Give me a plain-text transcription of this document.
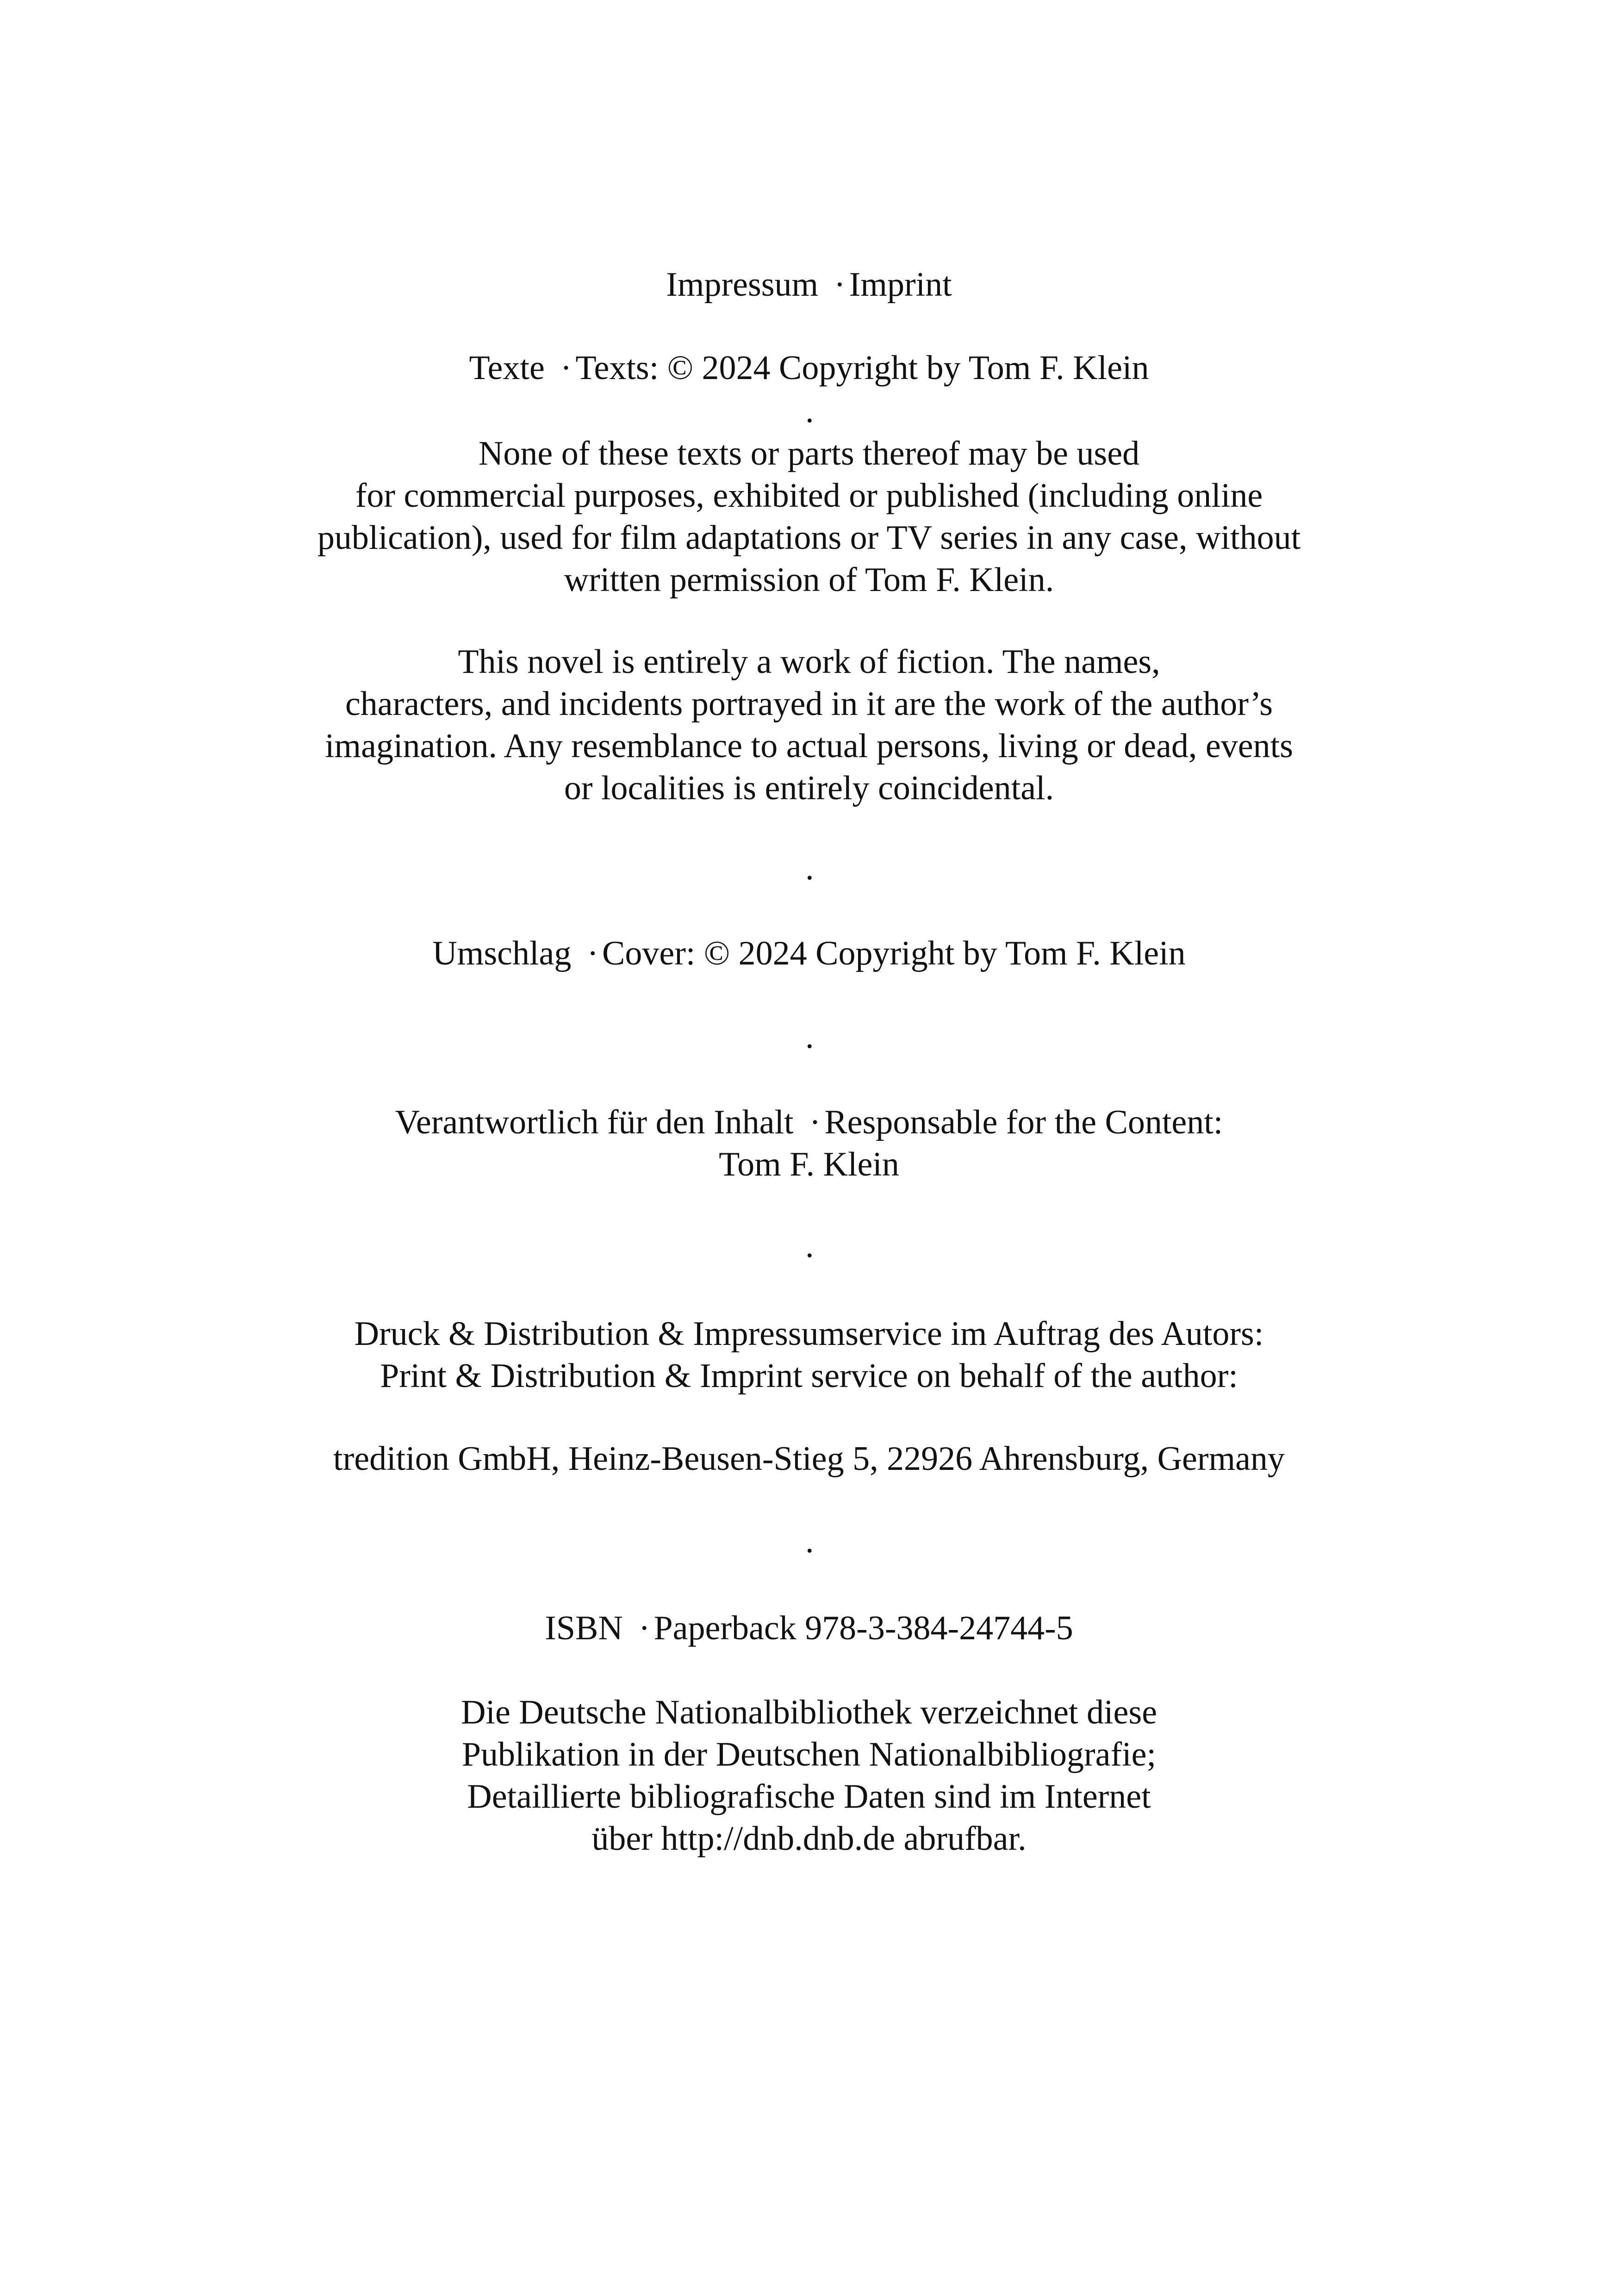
Impressum · Imprint
Texte · Texts: © 2024 Copyright by Tom F. Klein
.
None of these texts or parts thereof may be used
for commercial purposes, exhibited or published (including online
publication), used for film adaptations or TV series in any case, without
written permission of Tom F. Klein.
This novel is entirely a work of fiction. The names,
characters, and incidents portrayed in it are the work of the author’s
imagination. Any resemblance to actual persons, living or dead, events
or localities is entirely coincidental.
.
Umschlag · Cover: © 2024 Copyright by Tom F. Klein
.
Verantwortlich für den Inhalt · Responsable for the Content:
Tom F. Klein
.
Druck & Distribution & Impressumservice im Auftrag des Autors:
Print & Distribution & Imprint service on behalf of the author:
tredition GmbH, Heinz-Beusen-Stieg 5, 22926 Ahrensburg, Germany
.
ISBN · Paperback 978-3-384-24744-5
Die Deutsche Nationalbibliothek verzeichnet diese
Publikation in der Deutschen Nationalbibliografie;
Detaillierte bibliografische Daten sind im Internet
über http://dnb.dnb.de abrufbar.
